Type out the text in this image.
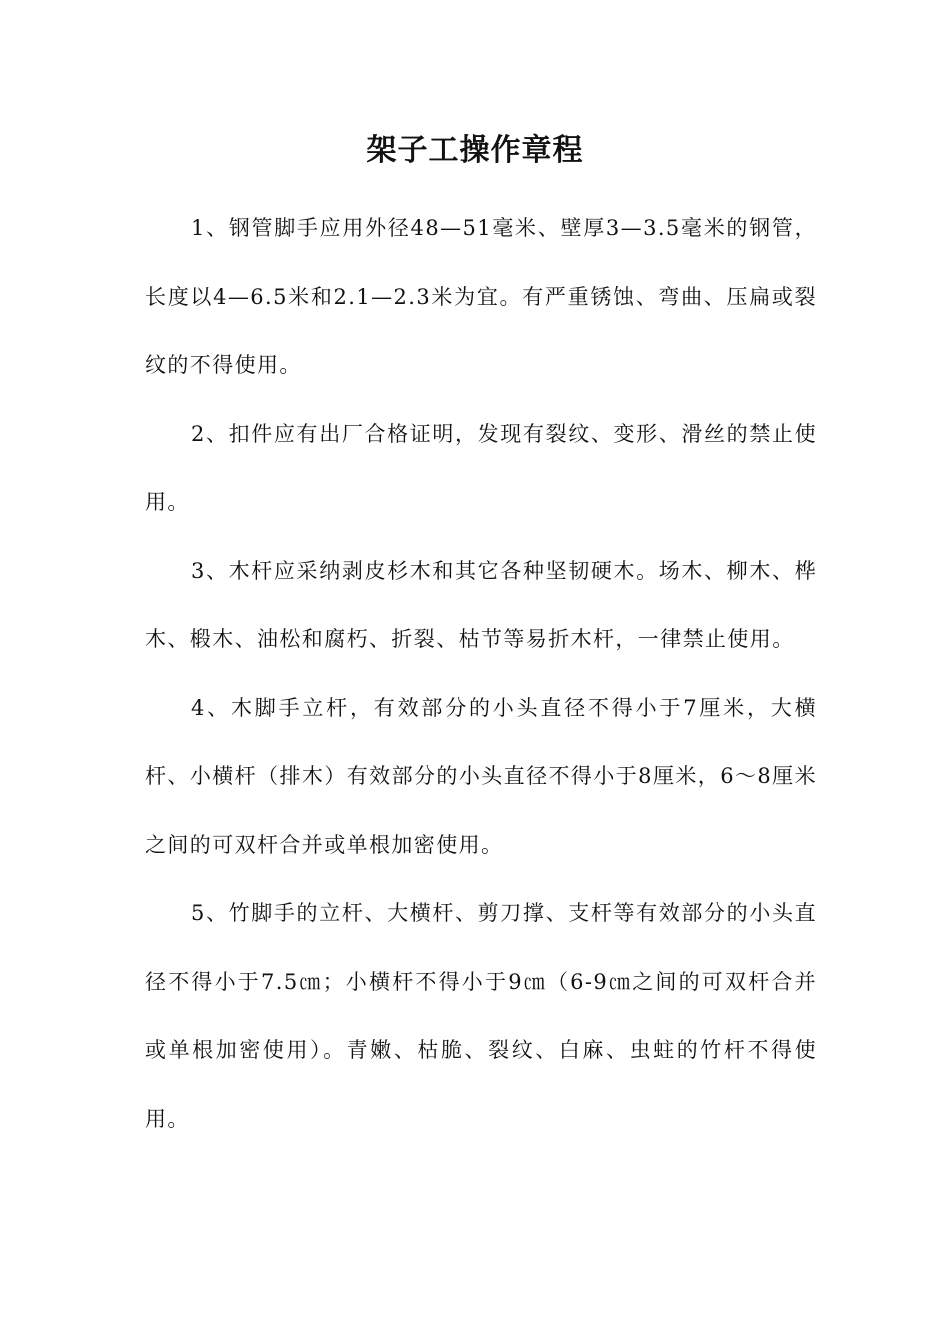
架子工操作章程

1、钢管脚手应用外径48—51毫米、壁厚3—3.5毫米的钢管，长度以4—6.5米和2.1—2.3米为宜。有严重锈蚀、弯曲、压扁或裂纹的不得使用。

2、扣件应有出厂合格证明，发现有裂纹、变形、滑丝的禁止使用。

3、木杆应采纳剥皮杉木和其它各种坚韧硬木。场木、柳木、桦木、椴木、油松和腐朽、折裂、枯节等易折木杆，一律禁止使用。

4、木脚手立杆，有效部分的小头直径不得小于7厘米，大横杆、小横杆（排木）有效部分的小头直径不得小于8厘米，6～8厘米之间的可双杆合并或单根加密使用。

5、竹脚手的立杆、大横杆、剪刀撑、支杆等有效部分的小头直径不得小于7.5㎝；小横杆不得小于9㎝（6-9㎝之间的可双杆合并或单根加密使用）。青嫩、枯脆、裂纹、白麻、虫蛀的竹杆不得使用。
